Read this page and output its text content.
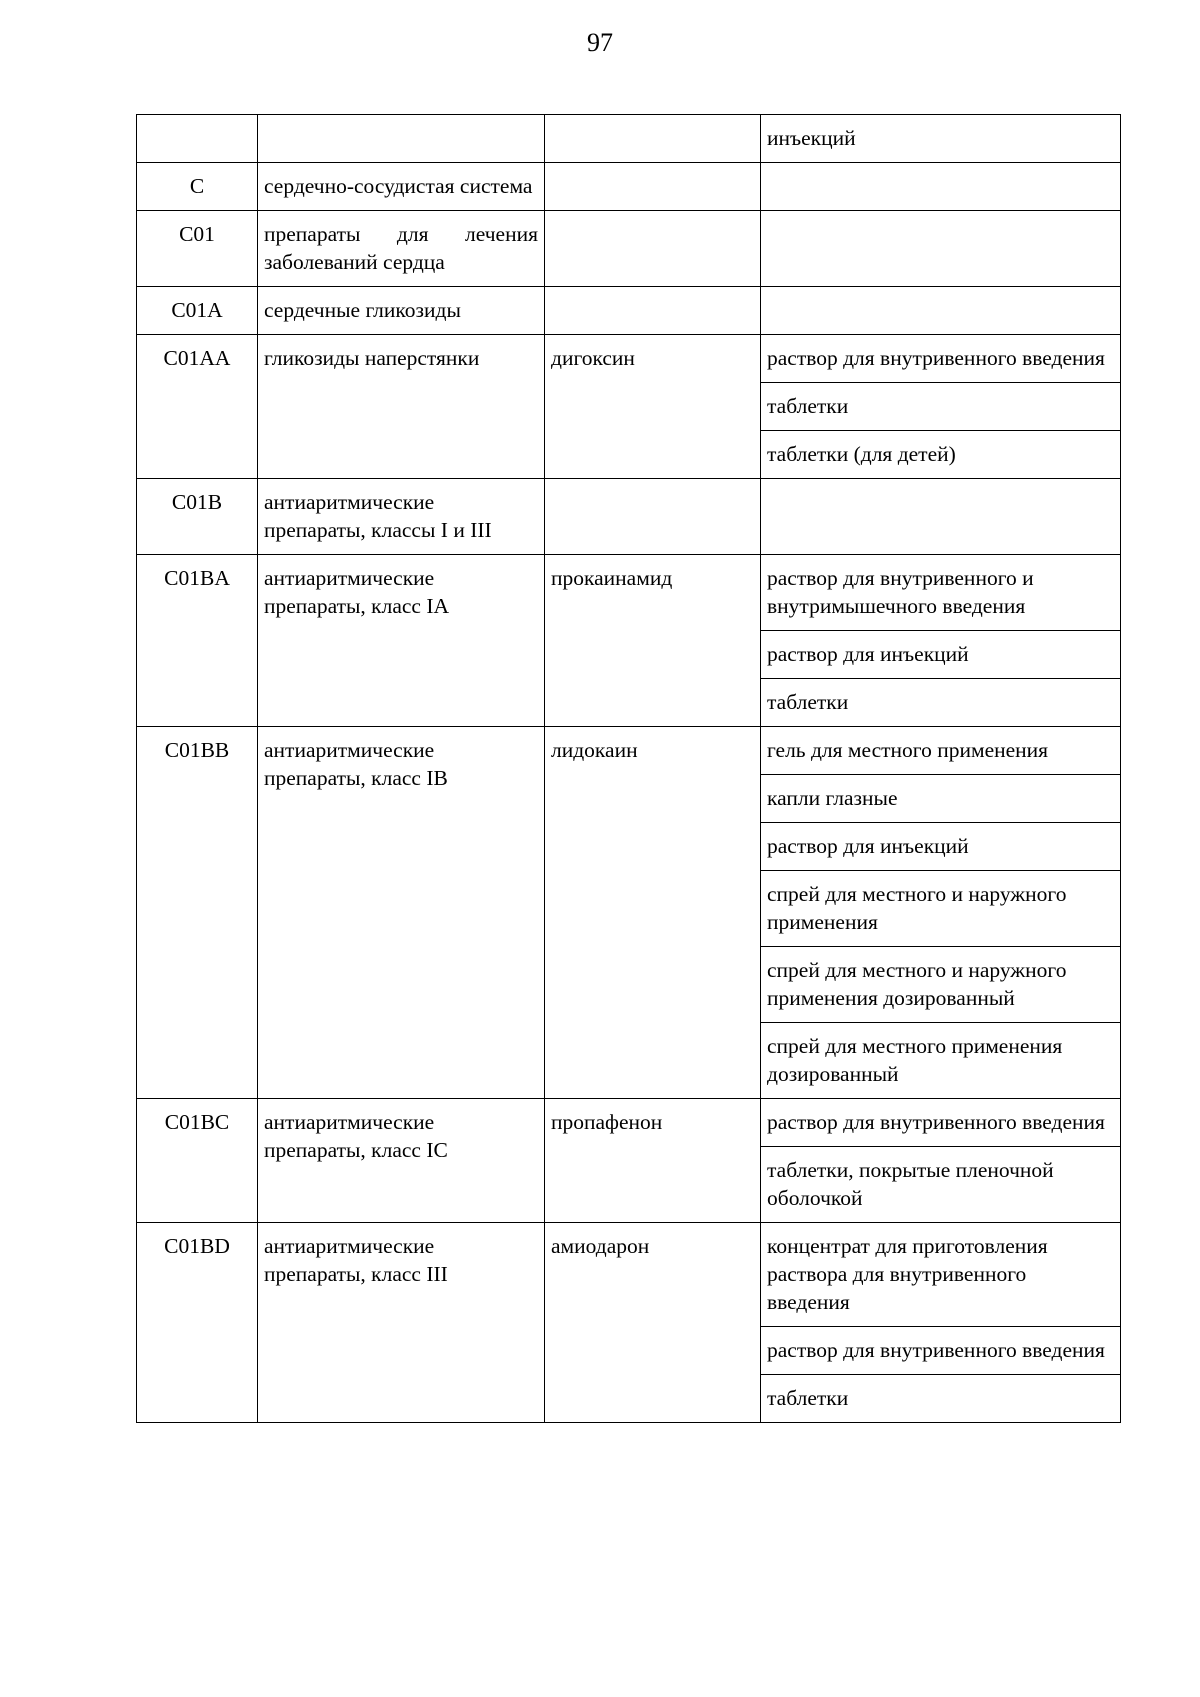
97
			инъекций
C	сердечно-сосудистая система		
C01	препараты для лечения заболеваний сердца		
C01A	сердечные гликозиды		
C01AA	гликозиды наперстянки	дигоксин	раствор для внутривенного введения
			таблетки
			таблетки (для детей)
C01B	антиаритмические препараты, классы I и III		
C01BA	антиаритмические препараты, класс IA	прокаинамид	раствор для внутривенного и внутримышечного введения
			раствор для инъекций
			таблетки
C01BB	антиаритмические препараты, класс IB	лидокаин	гель для местного применения
			капли глазные
			раствор для инъекций
			спрей для местного и наружного применения
			спрей для местного и наружного применения дозированный
			спрей для местного применения дозированный
C01BC	антиаритмические препараты, класс IC	пропафенон	раствор для внутривенного введения
			таблетки, покрытые пленочной оболочкой
C01BD	антиаритмические препараты, класс III	амиодарон	концентрат для приготовления раствора для внутривенного введения
			раствор для внутривенного введения
			таблетки
